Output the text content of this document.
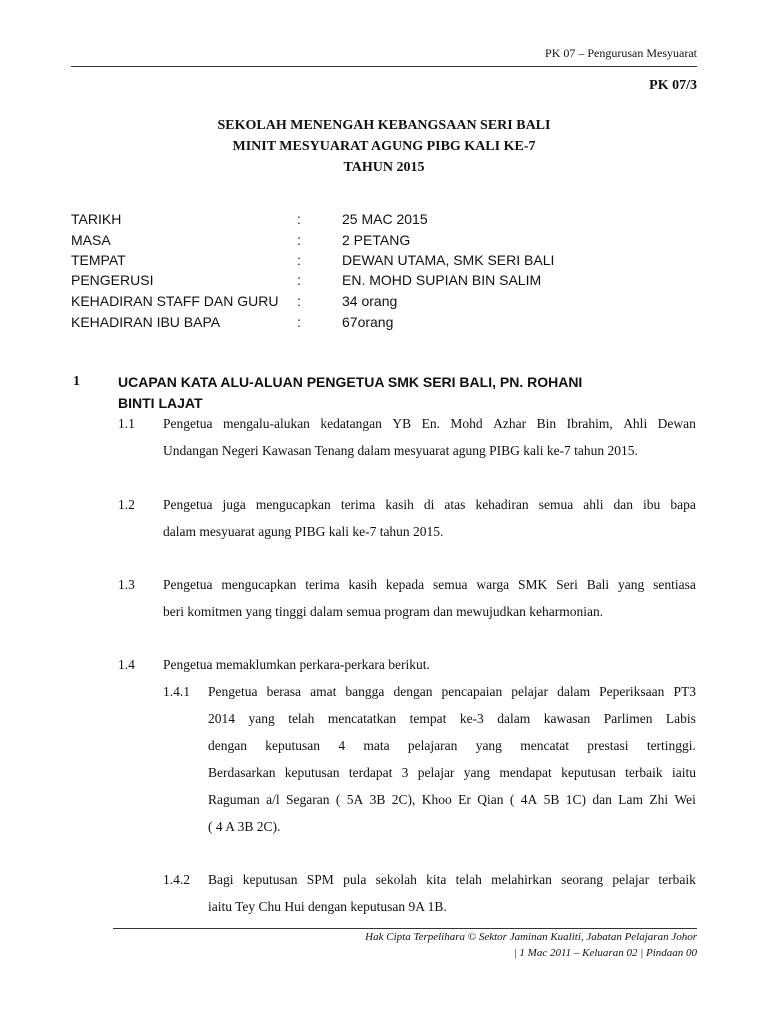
PK 07 – Pengurusan Mesyuarat
PK 07/3
SEKOLAH MENENGAH KEBANGSAAN SERI BALI
MINIT MESYUARAT AGUNG PIBG KALI KE-7
TAHUN 2015
TARIKH	:	25 MAC 2015
MASA	:	2 PETANG
TEMPAT	:	DEWAN UTAMA, SMK SERI BALI
PENGERUSI	:	EN. MOHD SUPIAN BIN SALIM
KEHADIRAN STAFF DAN GURU :	34 orang
KEHADIRAN IBU BAPA	:	67orang
1	UCAPAN KATA ALU-ALUAN PENGETUA SMK SERI BALI, PN. ROHANI
BINTI LAJAT
1.1 Pengetua mengalu-alukan kedatangan YB En. Mohd Azhar Bin Ibrahim, Ahli Dewan
Undangan Negeri Kawasan Tenang dalam mesyuarat agung PIBG kali ke-7 tahun 2015.
1.2 Pengetua juga mengucapkan terima kasih di atas kehadiran semua ahli dan ibu bapa
dalam mesyuarat agung PIBG kali ke-7 tahun 2015.
1.3 Pengetua mengucapkan terima kasih kepada semua warga SMK Seri Bali yang sentiasa
beri komitmen yang tinggi dalam semua program dan mewujudkan keharmonian.
1.4 Pengetua memaklumkan perkara-perkara berikut.
1.4.1 Pengetua berasa amat bangga dengan pencapaian pelajar dalam Peperiksaan PT3
2014 yang telah mencatatkan tempat ke-3 dalam kawasan Parlimen Labis
dengan keputusan 4 mata pelajaran yang mencatat prestasi tertinggi.
Berdasarkan keputusan terdapat 3 pelajar yang mendapat keputusan terbaik iaitu
Raguman a/l Segaran ( 5A 3B 2C), Khoo Er Qian ( 4A 5B 1C) dan Lam Zhi Wei
( 4 A 3B 2C).
1.4.2 Bagi keputusan SPM pula sekolah kita telah melahirkan seorang pelajar terbaik
iaitu Tey Chu Hui dengan keputusan 9A 1B.
Hak Cipta Terpelihara © Sektor Jaminan Kualiti, Jabatan Pelajaran Johor
| 1 Mac 2011 – Keluaran 02 | Pindaan 00
